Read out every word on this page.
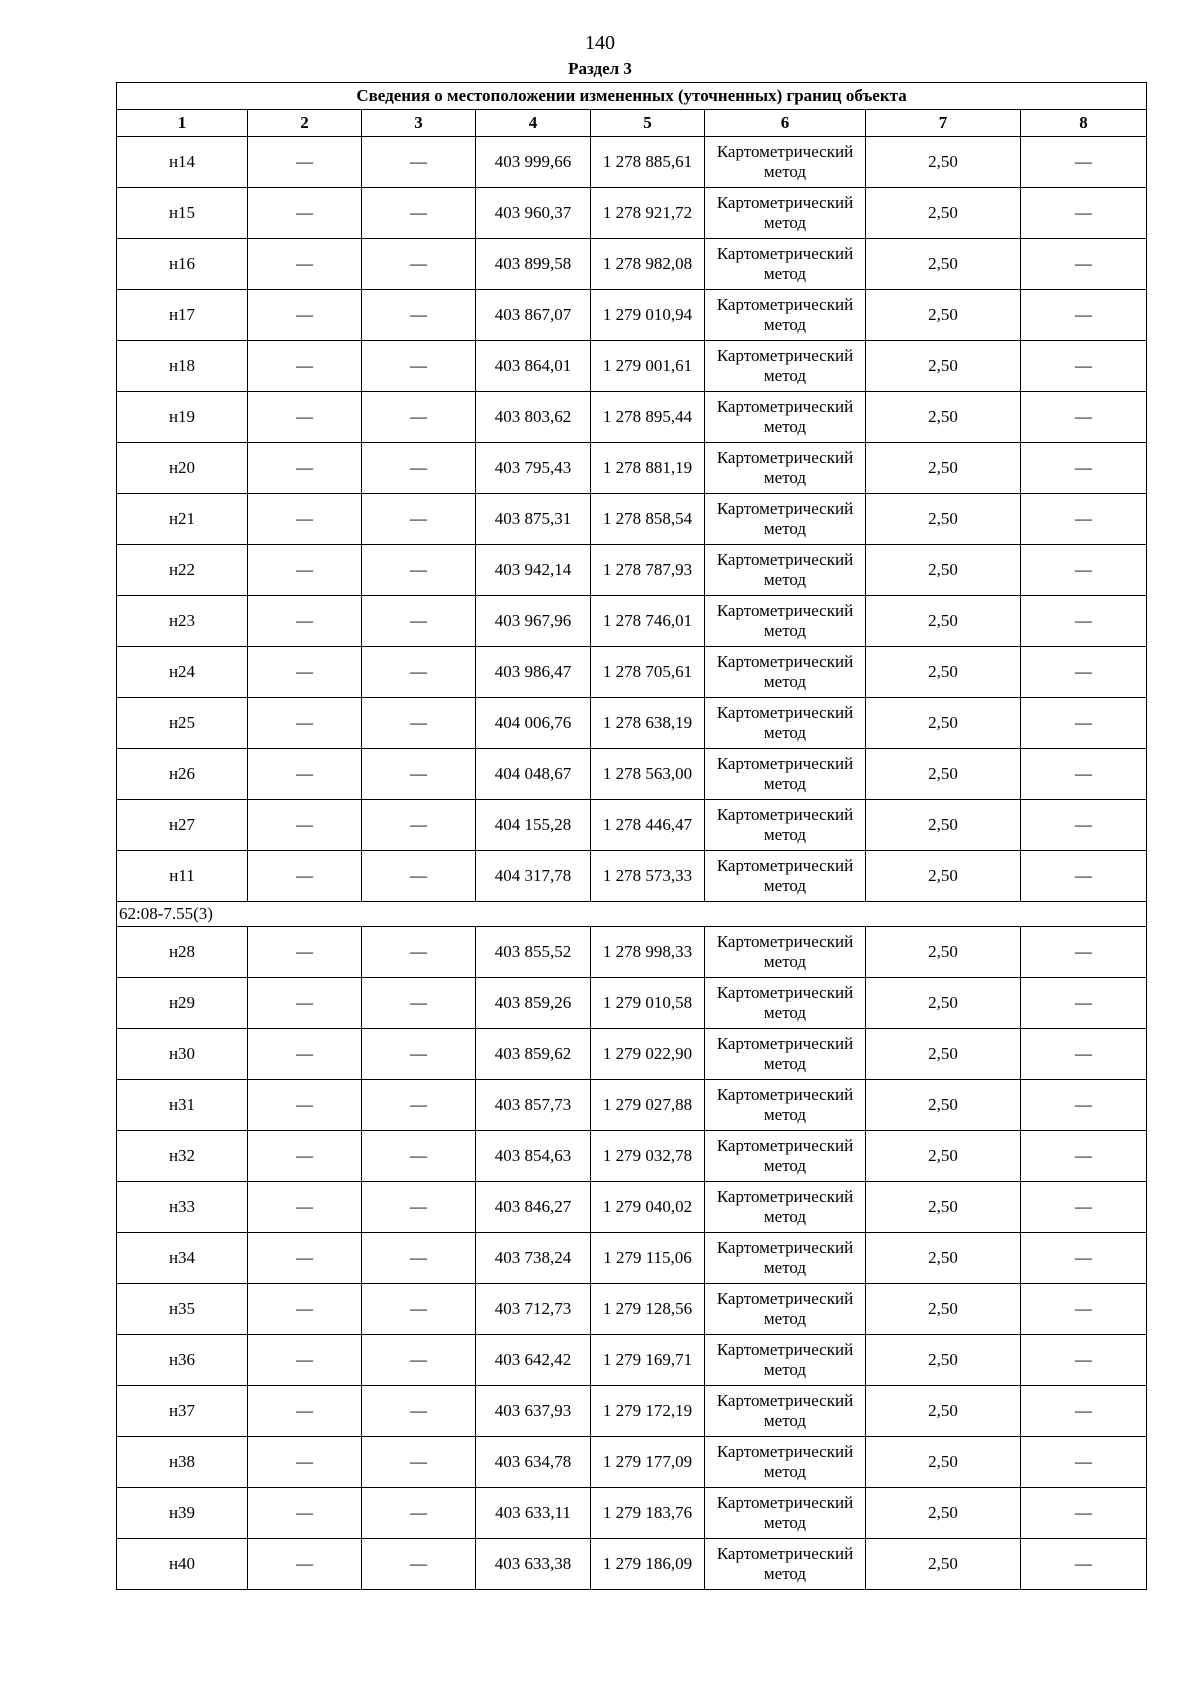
140
Раздел 3
Сведения о местоположении измененных (уточненных) границ объекта							
1	2	3	4	5	6	7	8
н14	—	—	403 999,66	1 278 885,61	Картометрический метод	2,50	—
н15	—	—	403 960,37	1 278 921,72	Картометрический метод	2,50	—
н16	—	—	403 899,58	1 278 982,08	Картометрический метод	2,50	—
н17	—	—	403 867,07	1 279 010,94	Картометрический метод	2,50	—
н18	—	—	403 864,01	1 279 001,61	Картометрический метод	2,50	—
н19	—	—	403 803,62	1 278 895,44	Картометрический метод	2,50	—
н20	—	—	403 795,43	1 278 881,19	Картометрический метод	2,50	—
н21	—	—	403 875,31	1 278 858,54	Картометрический метод	2,50	—
н22	—	—	403 942,14	1 278 787,93	Картометрический метод	2,50	—
н23	—	—	403 967,96	1 278 746,01	Картометрический метод	2,50	—
н24	—	—	403 986,47	1 278 705,61	Картометрический метод	2,50	—
н25	—	—	404 006,76	1 278 638,19	Картометрический метод	2,50	—
н26	—	—	404 048,67	1 278 563,00	Картометрический метод	2,50	—
н27	—	—	404 155,28	1 278 446,47	Картометрический метод	2,50	—
н11	—	—	404 317,78	1 278 573,33	Картометрический метод	2,50	—
62:08-7.55(3)							
н28	—	—	403 855,52	1 278 998,33	Картометрический метод	2,50	—
н29	—	—	403 859,26	1 279 010,58	Картометрический метод	2,50	—
н30	—	—	403 859,62	1 279 022,90	Картометрический метод	2,50	—
н31	—	—	403 857,73	1 279 027,88	Картометрический метод	2,50	—
н32	—	—	403 854,63	1 279 032,78	Картометрический метод	2,50	—
н33	—	—	403 846,27	1 279 040,02	Картометрический метод	2,50	—
н34	—	—	403 738,24	1 279 115,06	Картометрический метод	2,50	—
н35	—	—	403 712,73	1 279 128,56	Картометрический метод	2,50	—
н36	—	—	403 642,42	1 279 169,71	Картометрический метод	2,50	—
н37	—	—	403 637,93	1 279 172,19	Картометрический метод	2,50	—
н38	—	—	403 634,78	1 279 177,09	Картометрический метод	2,50	—
н39	—	—	403 633,11	1 279 183,76	Картометрический метод	2,50	—
н40	—	—	403 633,38	1 279 186,09	Картометрический метод	2,50	—
